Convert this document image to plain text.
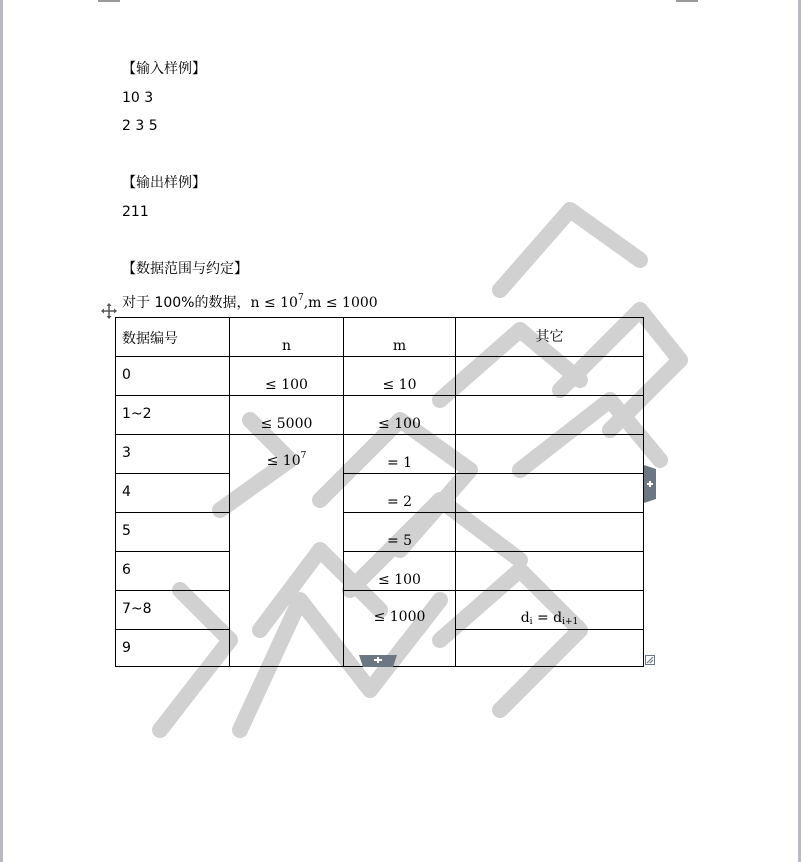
【输入样例】
10 3
2 3 5
【输出样例】
211
【数据范围与约定】
对于 100%的数据，$n \le 10^7,m \le 1000$
数据编号	n	m	其它
0	≤ 100	≤ 10	
1~2	≤ 5000	≤ 100	
3	≤ $10^7$	= 1	
4		= 2	
5		= 5	
6		≤ 100	
7~8		≤ 1000	$d_i = d_{i+1}$
9			
